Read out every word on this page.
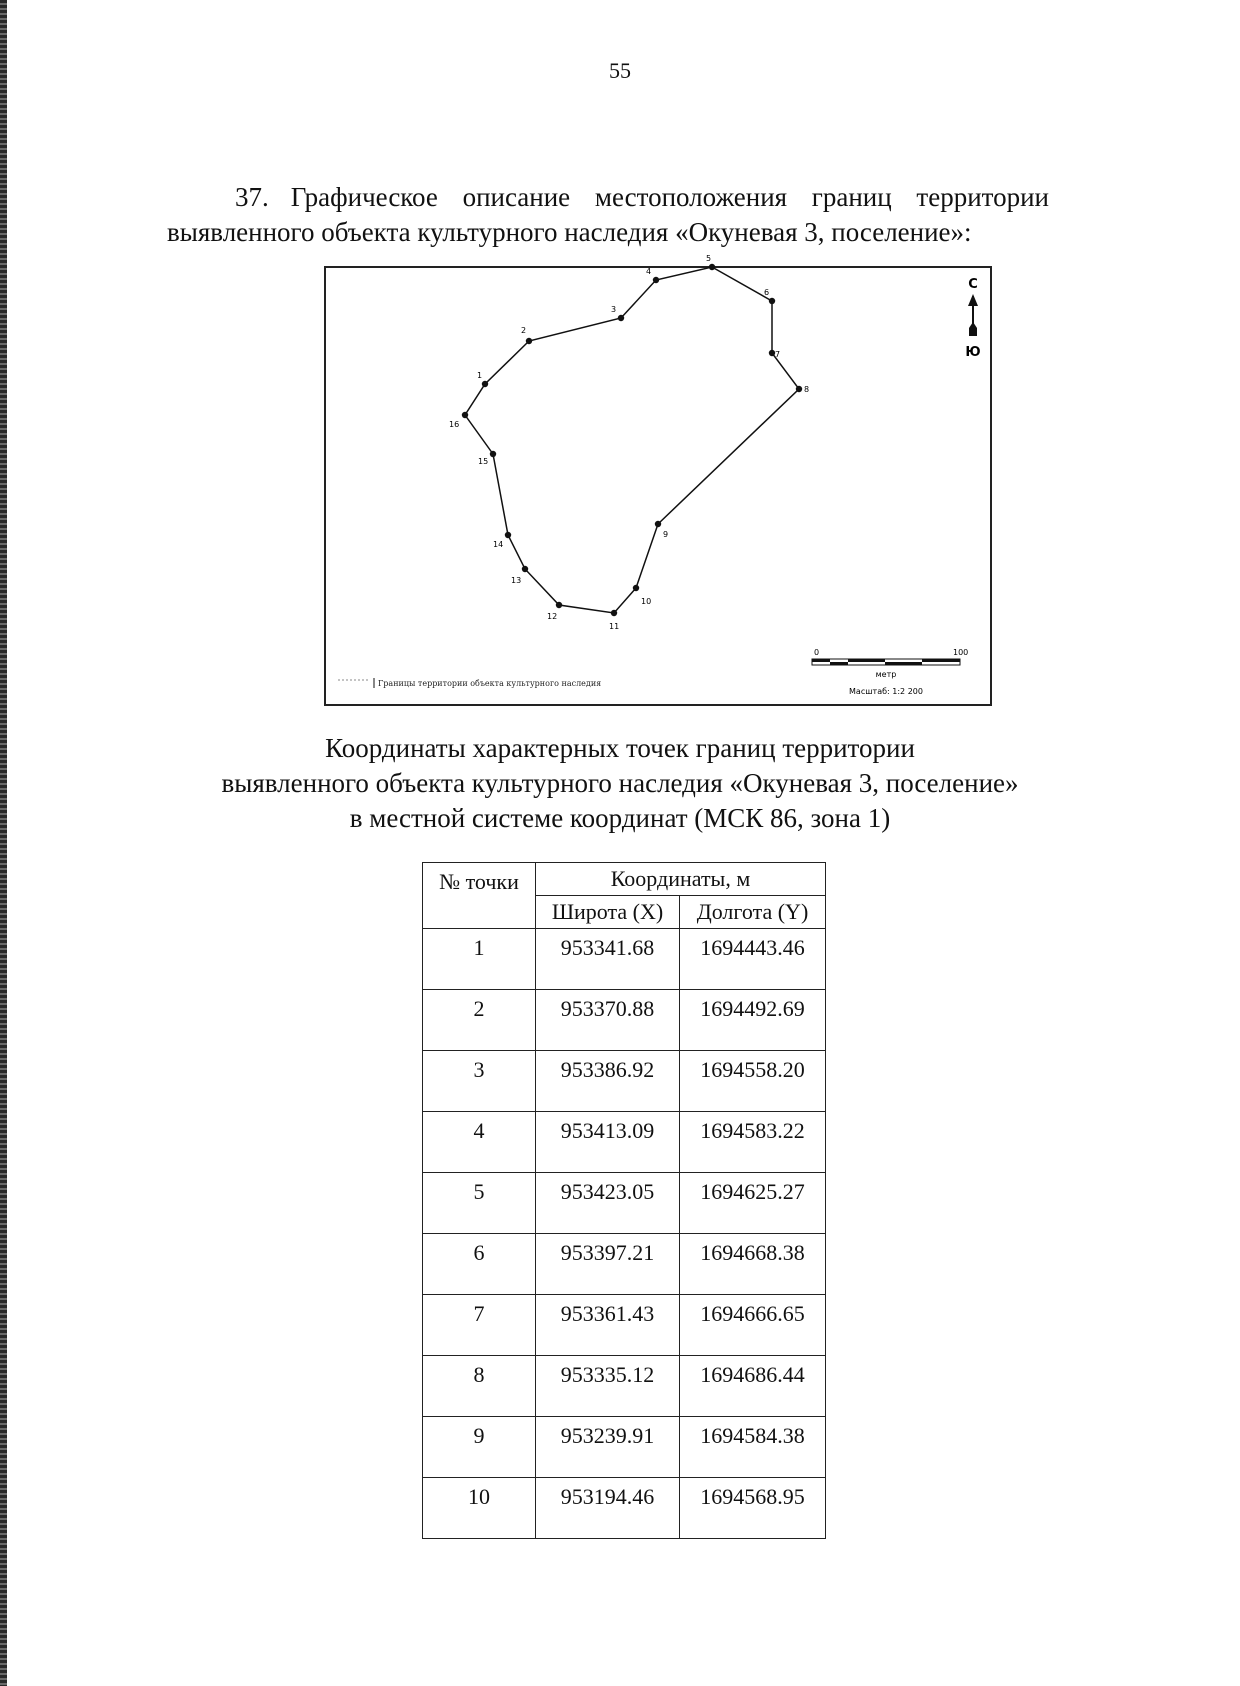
55
37. Графическое описание местоположения границ территории
выявленного объекта культурного наследия «Окуневая 3, поселение»:
1
2
3
4
5
6
7
8
9
10
11
12
13
14
15
16
С
Ю
Границы территории объекта культурного наследия
0	100
метр
Масштаб: 1:2 200
Координаты характерных точек границ территории
выявленного объекта культурного наследия «Окуневая 3, поселение»
в местной системе координат (МСК 86, зона 1)
№ точки	Координаты, м	
	Широта (X)	Долгота (Y)
1	953341.68	1694443.46
2	953370.88	1694492.69
3	953386.92	1694558.20
4	953413.09	1694583.22
5	953423.05	1694625.27
6	953397.21	1694668.38
7	953361.43	1694666.65
8	953335.12	1694686.44
9	953239.91	1694584.38
10	953194.46	1694568.95
